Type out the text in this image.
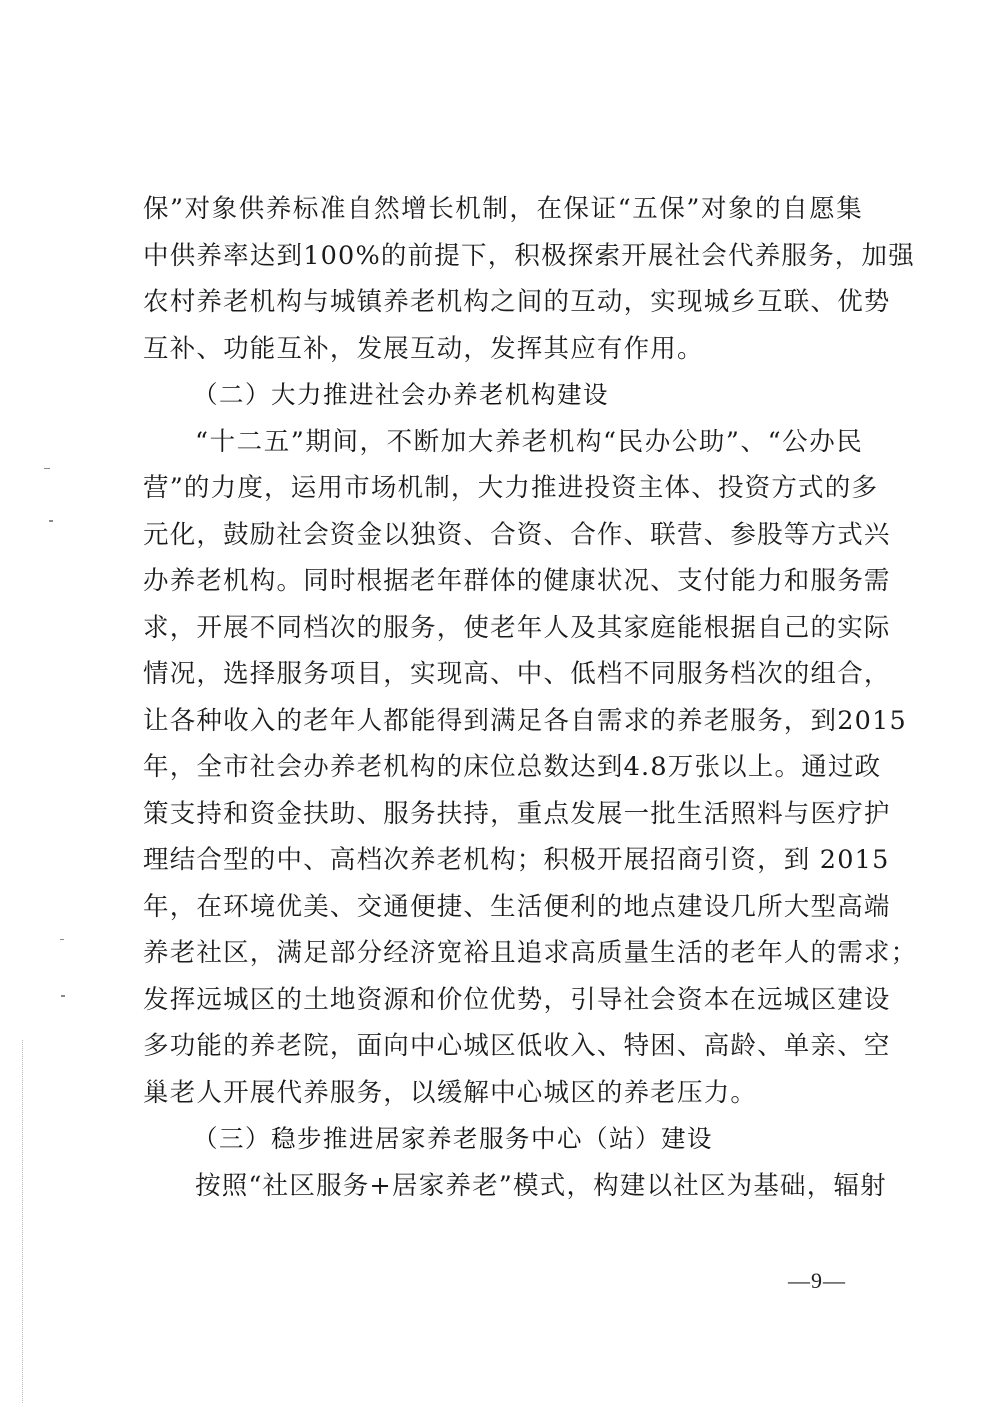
保”对象供养标准自然增长机制，在保证“五保”对象的自愿集
中供养率达到100%的前提下，积极探索开展社会代养服务，加强
农村养老机构与城镇养老机构之间的互动，实现城乡互联、优势
互补、功能互补，发展互动，发挥其应有作用。
（二）大力推进社会办养老机构建设
“十二五”期间，不断加大养老机构“民办公助”、“公办民
营”的力度，运用市场机制，大力推进投资主体、投资方式的多
元化，鼓励社会资金以独资、合资、合作、联营、参股等方式兴
办养老机构。同时根据老年群体的健康状况、支付能力和服务需
求，开展不同档次的服务，使老年人及其家庭能根据自己的实际
情况，选择服务项目，实现高、中、低档不同服务档次的组合，
让各种收入的老年人都能得到满足各自需求的养老服务，到2015
年，全市社会办养老机构的床位总数达到4.8万张以上。通过政
策支持和资金扶助、服务扶持，重点发展一批生活照料与医疗护
理结合型的中、高档次养老机构；积极开展招商引资，到 2015
年，在环境优美、交通便捷、生活便利的地点建设几所大型高端
养老社区，满足部分经济宽裕且追求高质量生活的老年人的需求；
发挥远城区的土地资源和价位优势，引导社会资本在远城区建设
多功能的养老院，面向中心城区低收入、特困、高龄、单亲、空
巢老人开展代养服务，以缓解中心城区的养老压力。
（三）稳步推进居家养老服务中心（站）建设
按照“社区服务+居家养老”模式，构建以社区为基础，辐射
—9—
